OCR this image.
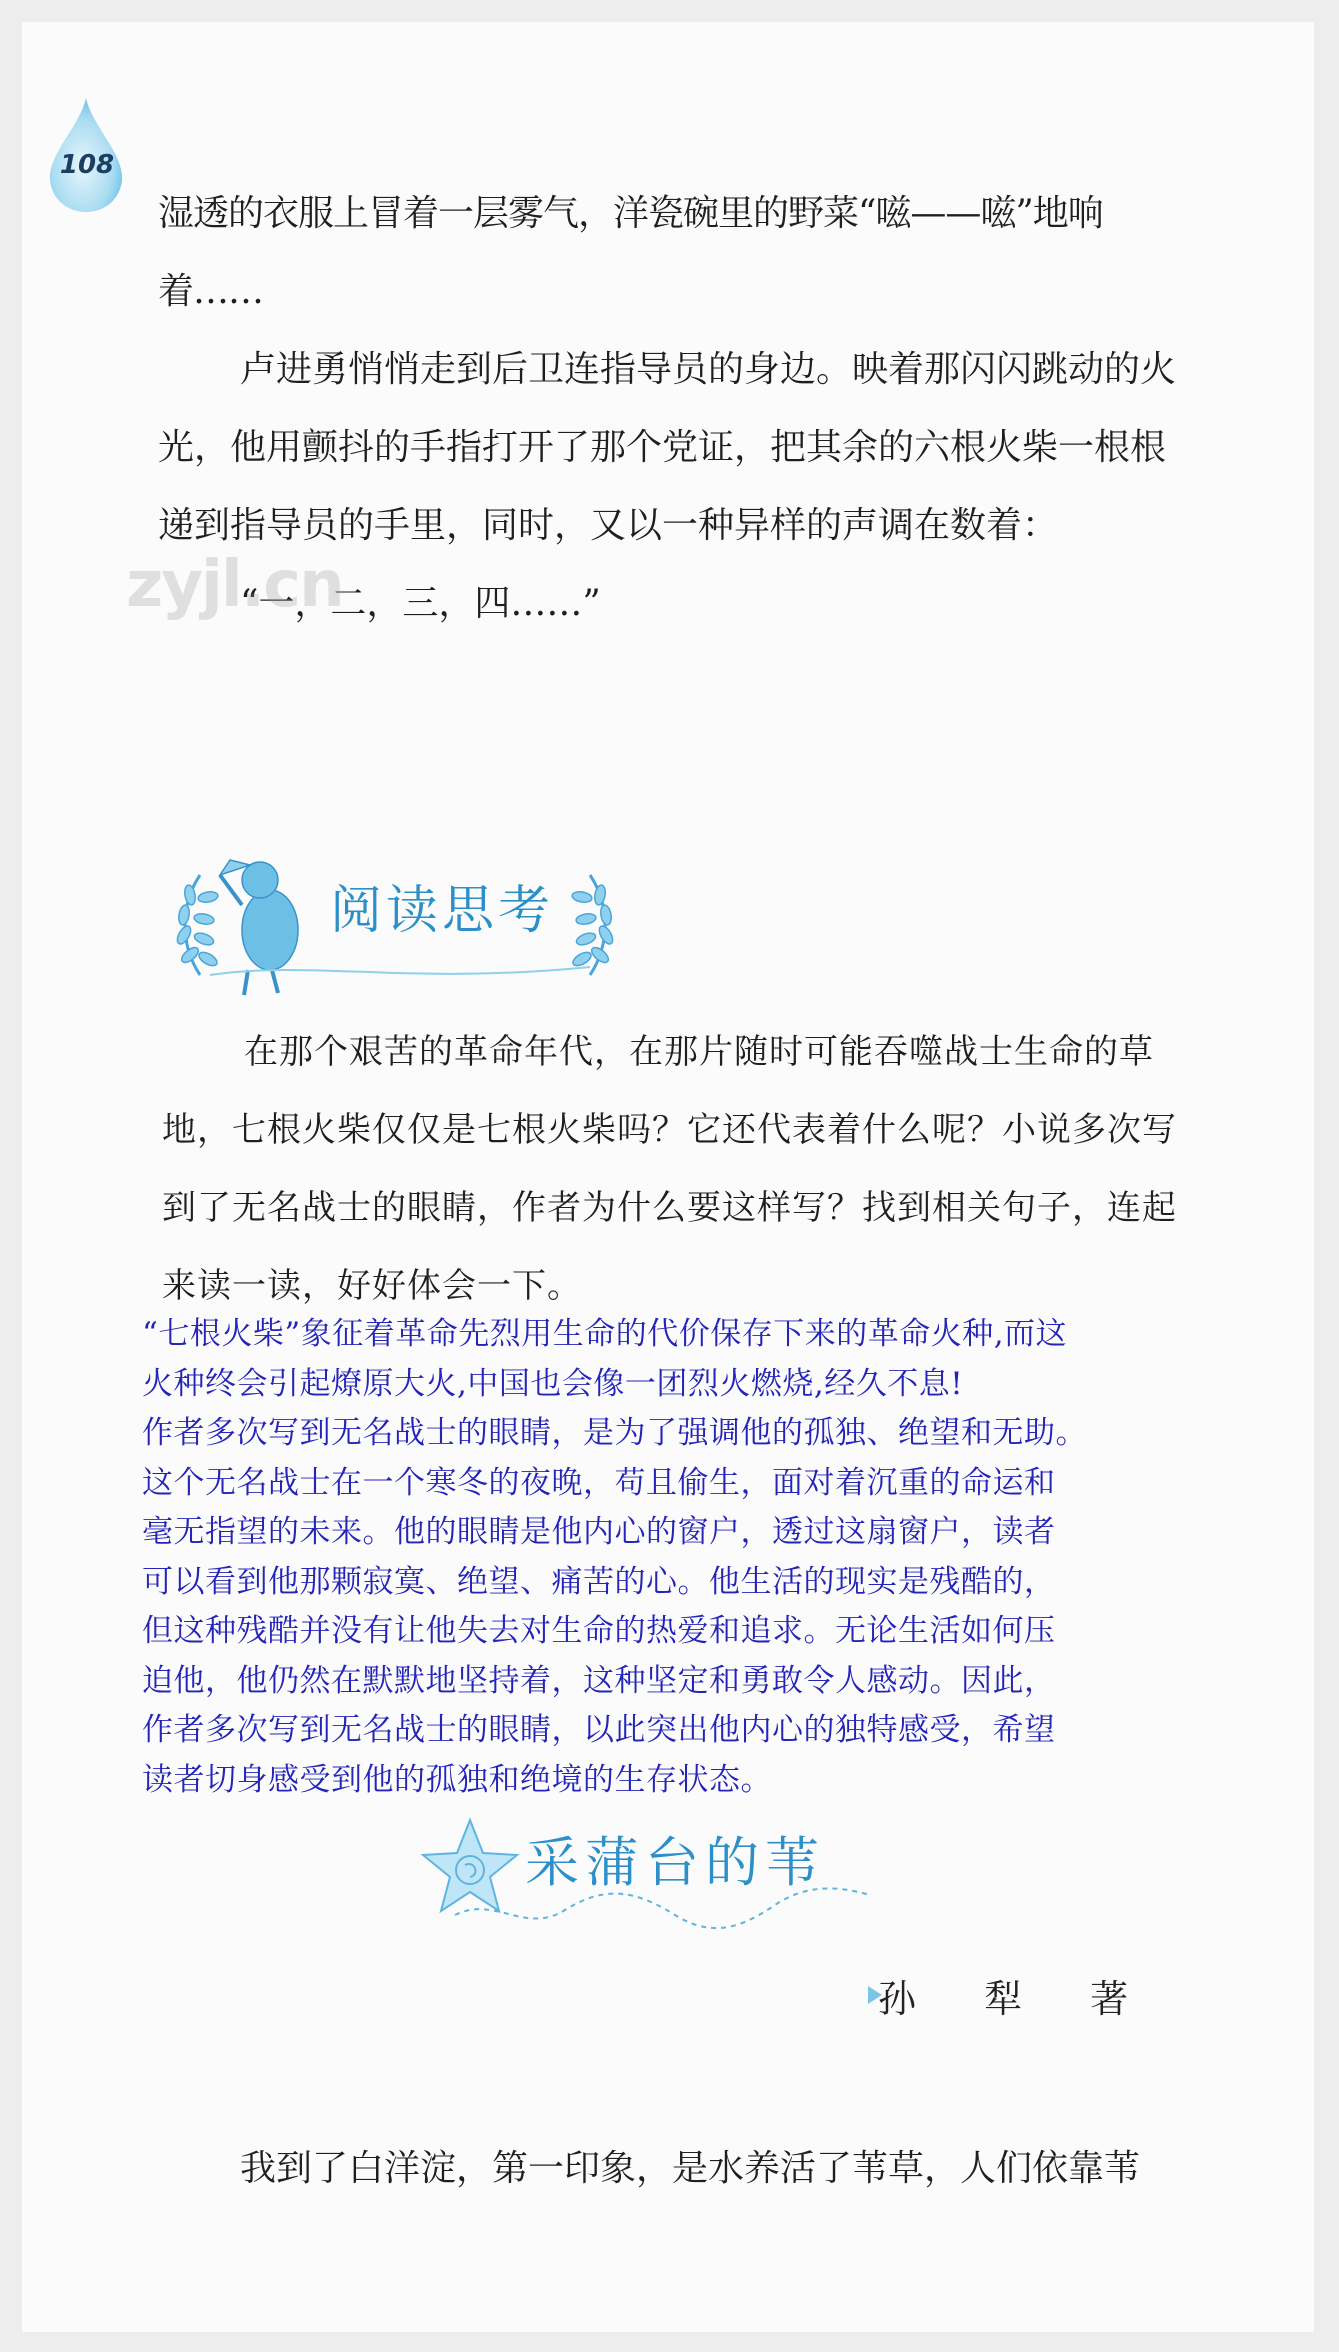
108

湿透的衣服上冒着一层雾气，洋瓷碗里的野菜“嗞——嗞”地响着……

卢进勇悄悄走到后卫连指导员的身边。映着那闪闪跳动的火光，他用颤抖的手指打开了那个党证，把其余的六根火柴一根根递到指导员的手里，同时，又以一种异样的声调在数着：

“一，二，三，四……”

zyjl.cn
阅读思考

在那个艰苦的革命年代，在那片随时可能吞噬战士生命的草地，七根火柴仅仅是七根火柴吗？它还代表着什么呢？小说多次写到了无名战士的眼睛，作者为什么要这样写？找到相关句子，连起来读一读，好好体会一下。

“七根火柴”象征着革命先烈用生命的代价保存下来的革命火种,而这

火种终会引起燎原大火,中国也会像一团烈火燃烧,经久不息!

作者多次写到无名战士的眼睛，是为了强调他的孤独、绝望和无助。

这个无名战士在一个寒冬的夜晚，苟且偷生，面对着沉重的命运和

毫无指望的未来。他的眼睛是他内心的窗户，透过这扇窗户，读者

可以看到他那颗寂寞、绝望、痛苦的心。他生活的现实是残酷的，

但这种残酷并没有让他失去对生命的热爱和追求。无论生活如何压

迫他，他仍然在默默地坚持着，这种坚定和勇敢令人感动。因此，

作者多次写到无名战士的眼睛，以此突出他内心的独特感受，希望

读者切身感受到他的孤独和绝境的生存状态。

采蒲台的苇
孙 犁 著

我到了白洋淀，第一印象，是水养活了苇草，人们依靠苇
